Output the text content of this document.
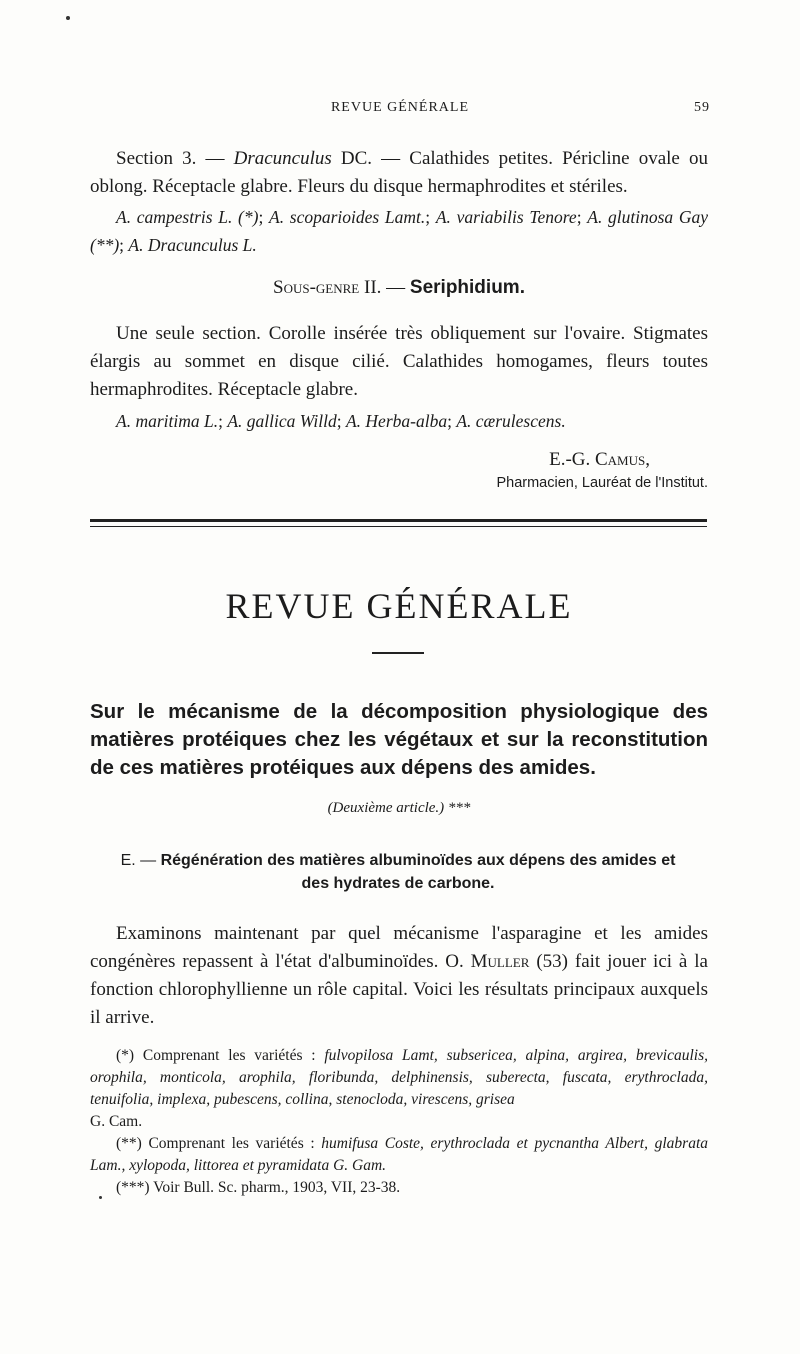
REVUE GÉNÉRALE	59

Section 3. — Dracunculus DC. — Calathides petites. Péricline ovale ou oblong. Réceptacle glabre. Fleurs du disque hermaphrodites et stériles.

A. campestris L. (*); A. scoparioides Lamt.; A. variabilis Tenore; A. glutinosa Gay (**); A. Dracunculus L.

Sous-genre II. — Seriphidium.

Une seule section. Corolle insérée très obliquement sur l'ovaire. Stigmates élargis au sommet en disque cilié. Calathides homogames, fleurs toutes hermaphrodites. Réceptacle glabre.

A. maritima L.; A. gallica Willd; A. Herba-alba; A. cærulescens.

E.-G. Camus,
Pharmacien, Lauréat de l'Institut.
REVUE GÉNÉRALE
Sur le mécanisme de la décomposition physiologique des matières protéiques chez les végétaux et sur la reconstitution de ces matières protéiques aux dépens des amides.
(Deuxième article.) ***
E. — Régénération des matières albuminoïdes aux dépens des amides et des hydrates de carbone.

Examinons maintenant par quel mécanisme l'asparagine et les amides congénères repassent à l'état d'albuminoïdes. O. Muller (53) fait jouer ici à la fonction chlorophyllienne un rôle capital. Voici les résultats principaux auxquels il arrive.

(*) Comprenant les variétés : fulvopilosa Lamt, subsericea, alpina, argirea, brevicaulis, orophila, monticola, arophila, floribunda, delphinensis, suberecta, fuscata, erythroclada, tenuifolia, implexa, pubescens, collina, stenocloda, virescens, grisea
G. Cam.

(**) Comprenant les variétés : humifusa Coste, erythroclada et pycnantha Albert, glabrata Lam., xylopoda, littorea et pyramidata G. Gam.

(***) Voir Bull. Sc. pharm., 1903, VII, 23-38.
